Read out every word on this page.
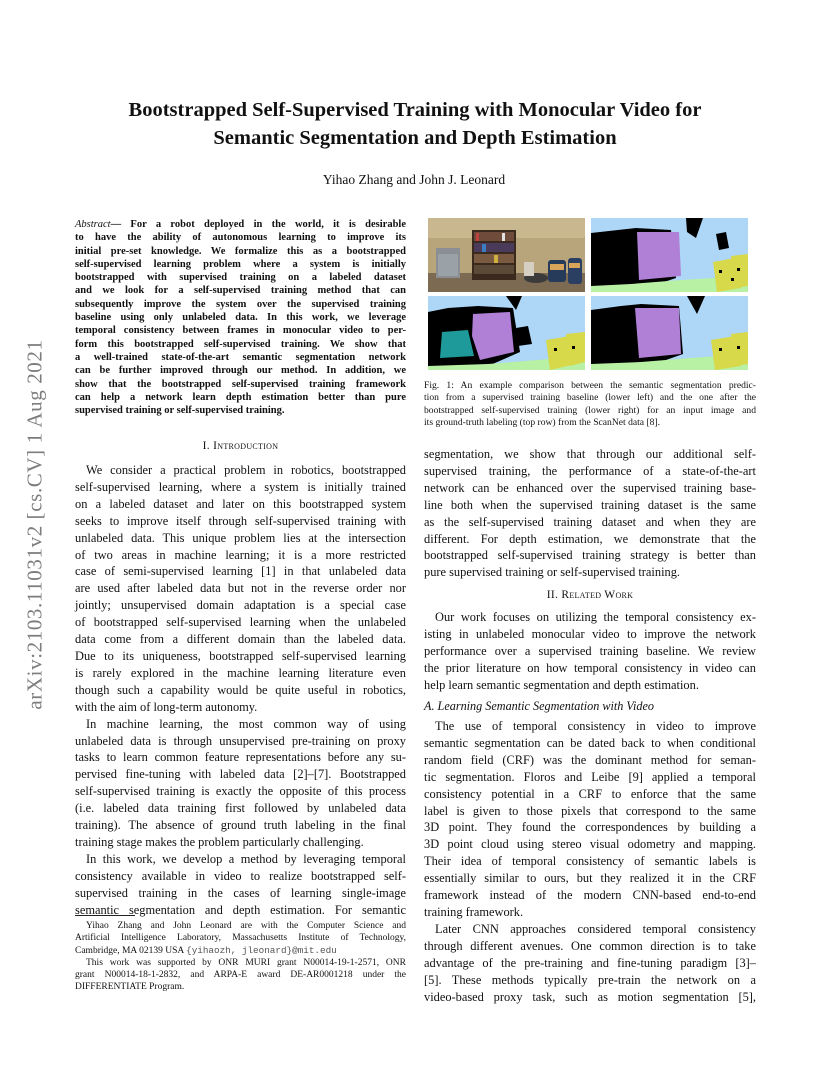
arXiv:2103.11031v2 [cs.CV] 1 Aug 2021
Bootstrapped Self-Supervised Training with Monocular Video for
Semantic Segmentation and Depth Estimation
Yihao Zhang and John J. Leonard
Abstract— For a robot deployed in the world, it is desirable
to have the ability of autonomous learning to improve its
initial pre-set knowledge. We formalize this as a bootstrapped
self-supervised learning problem where a system is initially
bootstrapped with supervised training on a labeled dataset
and we look for a self-supervised training method that can
subsequently improve the system over the supervised training
baseline using only unlabeled data. In this work, we leverage
temporal consistency between frames in monocular video to per-
form this bootstrapped self-supervised training. We show that
a well-trained state-of-the-art semantic segmentation network
can be further improved through our method. In addition, we
show that the bootstrapped self-supervised training framework
can help a network learn depth estimation better than pure
supervised training or self-supervised training.
I. Introduction
We consider a practical problem in robotics, bootstrapped
self-supervised learning, where a system is initially trained
on a labeled dataset and later on this bootstrapped system
seeks to improve itself through self-supervised training with
unlabeled data. This unique problem lies at the intersection
of two areas in machine learning; it is a more restricted
case of semi-supervised learning [1] in that unlabeled data
are used after labeled data but not in the reverse order nor
jointly; unsupervised domain adaptation is a special case
of bootstrapped self-supervised learning when the unlabeled
data come from a different domain than the labeled data.
Due to its uniqueness, bootstrapped self-supervised learning
is rarely explored in the machine learning literature even
though such a capability would be quite useful in robotics,
with the aim of long-term autonomy.
In machine learning, the most common way of using
unlabeled data is through unsupervised pre-training on proxy
tasks to learn common feature representations before any su-
pervised fine-tuning with labeled data [2]–[7]. Bootstrapped
self-supervised training is exactly the opposite of this process
(i.e. labeled data training first followed by unlabeled data
training). The absence of ground truth labeling in the final
training stage makes the problem particularly challenging.
In this work, we develop a method by leveraging temporal
consistency available in video to realize bootstrapped self-
supervised training in the cases of learning single-image
semantic segmentation and depth estimation. For semantic
Yihao Zhang and John Leonard are with the Computer Science and
Artificial Intelligence Laboratory, Massachusetts Institute of Technology,
Cambridge, MA 02139 USA {yihaozh, jleonard}@mit.edu
This work was supported by ONR MURI grant N00014-19-1-2571, ONR
grant N00014-18-1-2832, and ARPA-E award DE-AR0001218 under the
DIFFERENTIATE Program.
Fig. 1: An example comparison between the semantic segmentation predic-
tion from a supervised training baseline (lower left) and the one after the
bootstrapped self-supervised training (lower right) for an input image and
its ground-truth labeling (top row) from the ScanNet data [8].
segmentation, we show that through our additional self-
supervised training, the performance of a state-of-the-art
network can be enhanced over the supervised training base-
line both when the supervised training dataset is the same
as the self-supervised training dataset and when they are
different. For depth estimation, we demonstrate that the
bootstrapped self-supervised training strategy is better than
pure supervised training or self-supervised training.
II. Related Work
Our work focuses on utilizing the temporal consistency ex-
isting in unlabeled monocular video to improve the network
performance over a supervised training baseline. We review
the prior literature on how temporal consistency in video can
help learn semantic segmentation and depth estimation.
A. Learning Semantic Segmentation with Video
The use of temporal consistency in video to improve
semantic segmentation can be dated back to when conditional
random field (CRF) was the dominant method for seman-
tic segmentation. Floros and Leibe [9] applied a temporal
consistency potential in a CRF to enforce that the same
label is given to those pixels that correspond to the same
3D point. They found the correspondences by building a
3D point cloud using stereo visual odometry and mapping.
Their idea of temporal consistency of semantic labels is
essentially similar to ours, but they realized it in the CRF
framework instead of the modern CNN-based end-to-end
training framework.
Later CNN approaches considered temporal consistency
through different avenues. One common direction is to take
advantage of the pre-training and fine-tuning paradigm [3]–
[5]. These methods typically pre-train the network on a
video-based proxy task, such as motion segmentation [5],
